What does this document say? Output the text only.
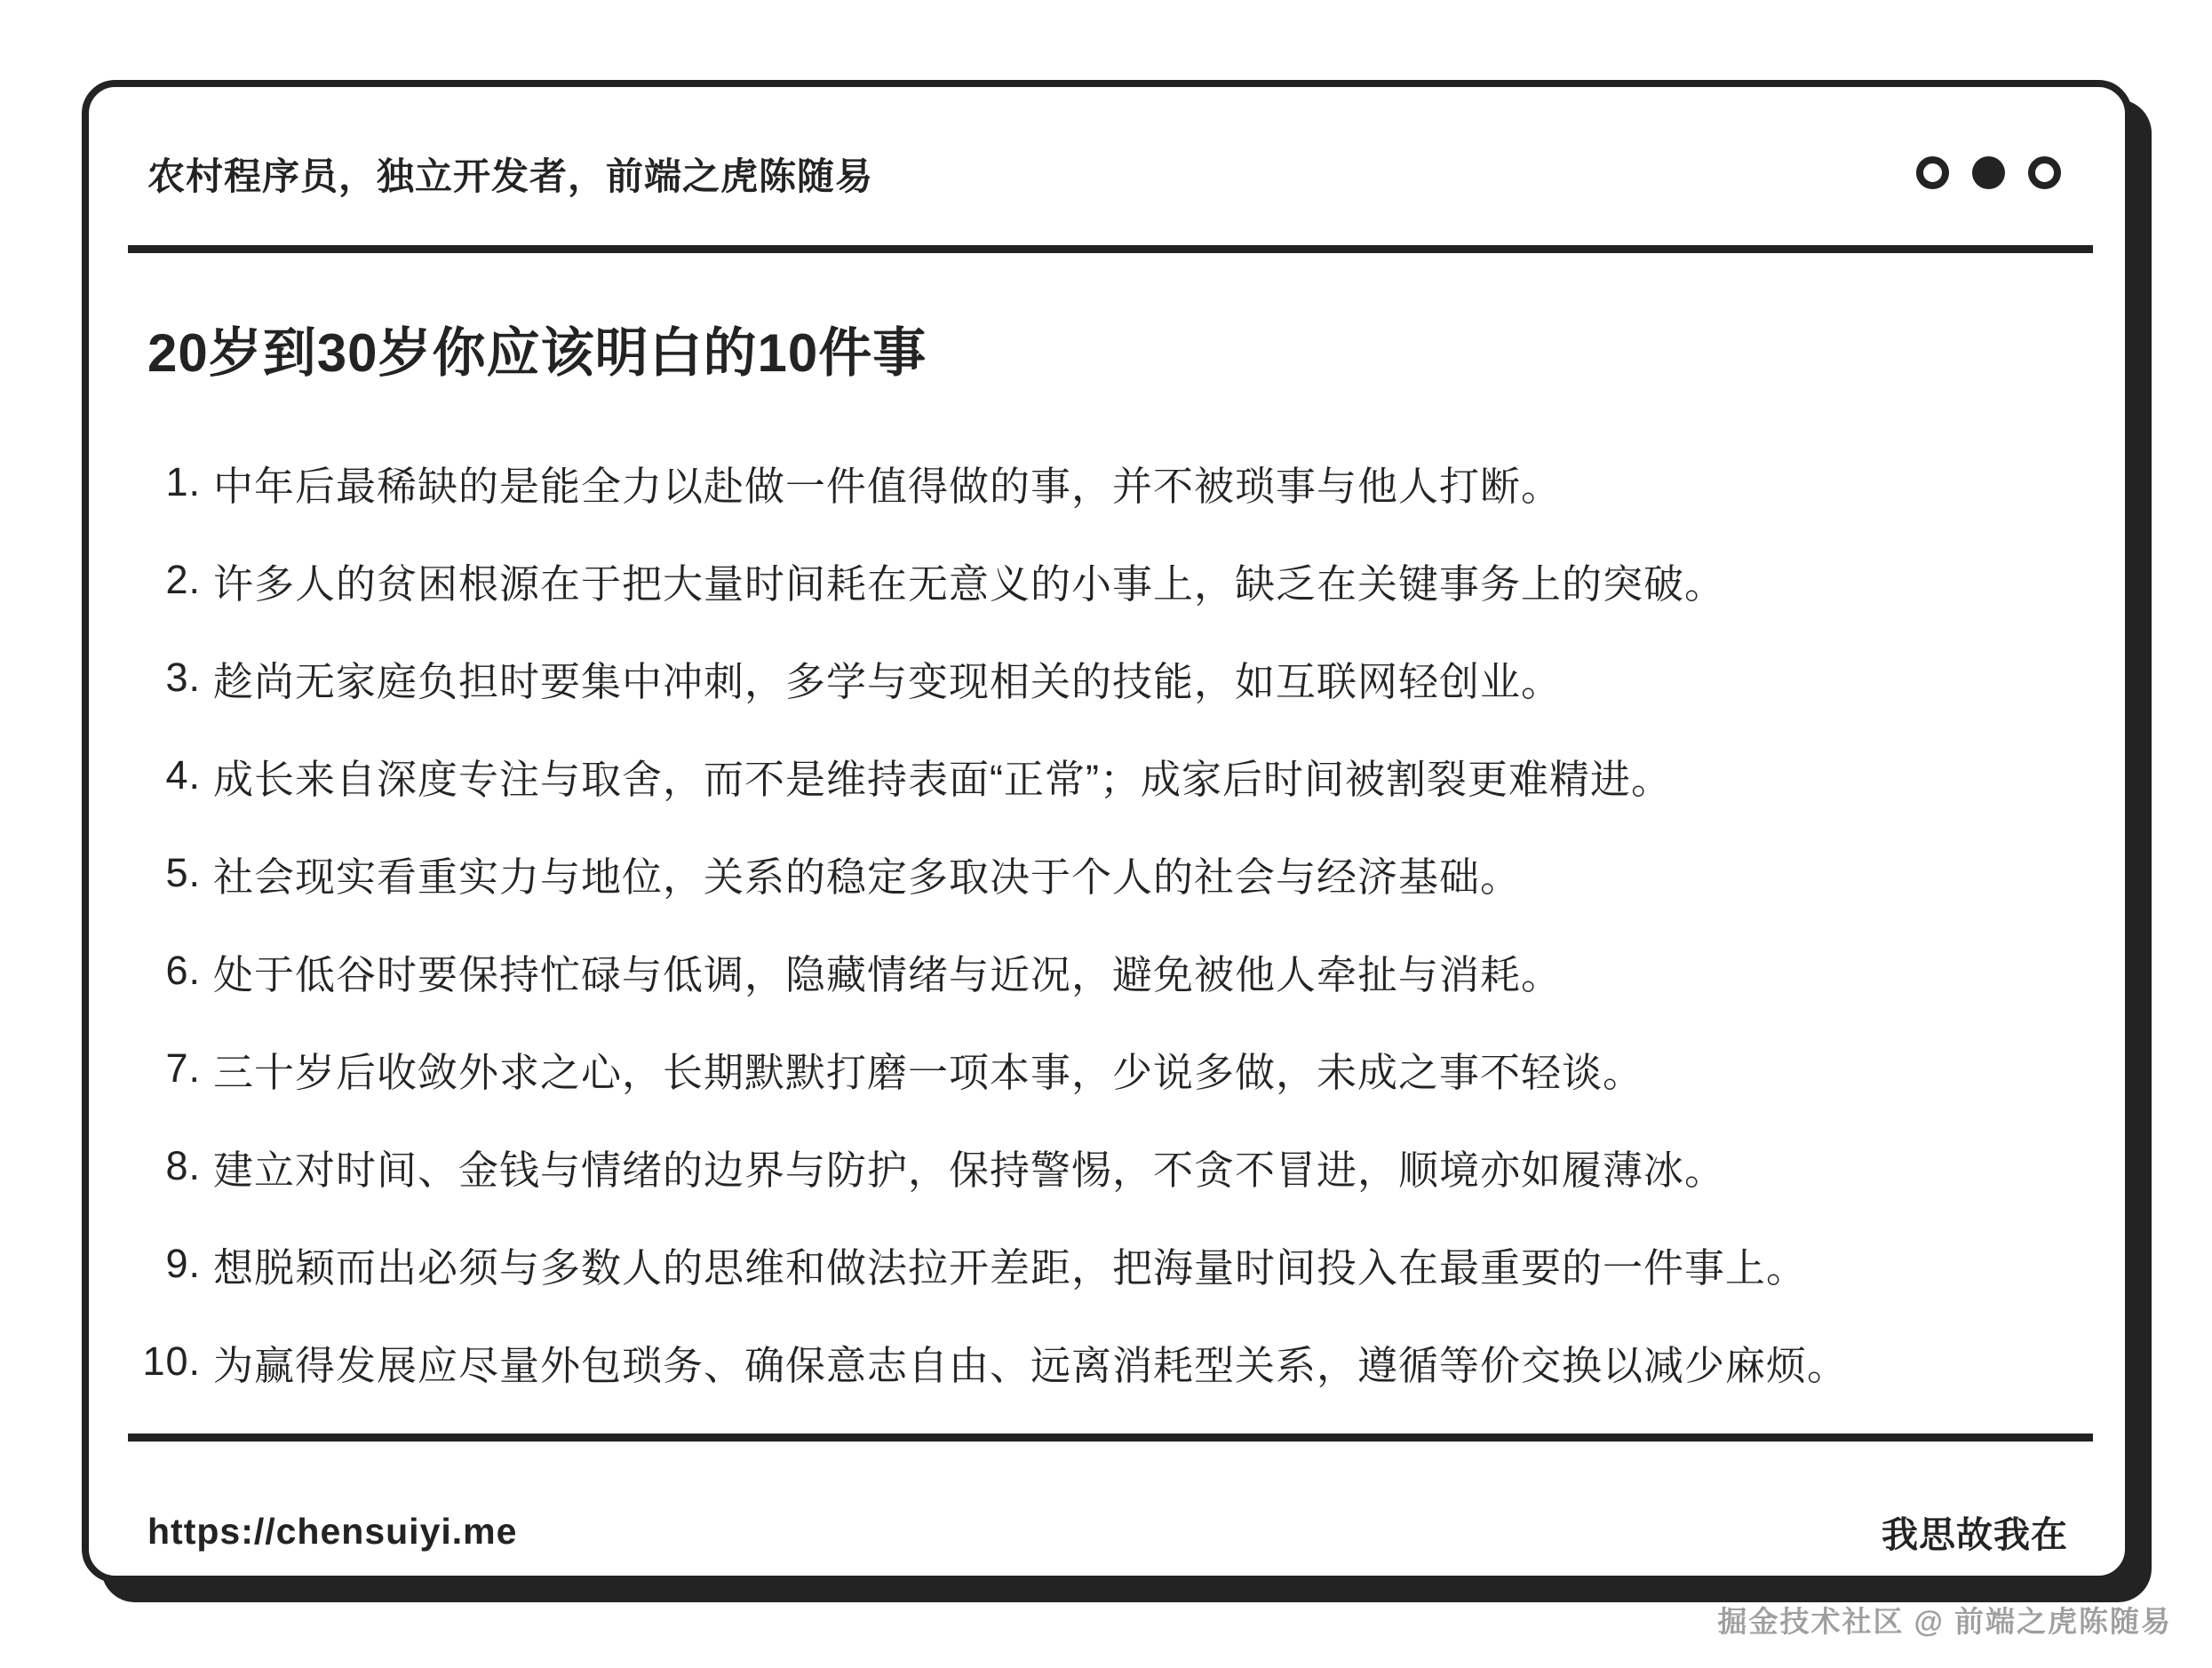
农村程序员，独立开发者，前端之虎陈随易
20岁到30岁你应该明白的10件事
1. 中年后最稀缺的是能全力以赴做一件值得做的事，并不被琐事与他人打断。
2. 许多人的贫困根源在于把大量时间耗在无意义的小事上，缺乏在关键事务上的突破。
3. 趁尚无家庭负担时要集中冲刺，多学与变现相关的技能，如互联网轻创业。
4. 成长来自深度专注与取舍，而不是维持表面“正常”；成家后时间被割裂更难精进。
5. 社会现实看重实力与地位，关系的稳定多取决于个人的社会与经济基础。
6. 处于低谷时要保持忙碌与低调，隐藏情绪与近况，避免被他人牵扯与消耗。
7. 三十岁后收敛外求之心，长期默默打磨一项本事，少说多做，未成之事不轻谈。
8. 建立对时间、金钱与情绪的边界与防护，保持警惕，不贪不冒进，顺境亦如履薄冰。
9. 想脱颖而出必须与多数人的思维和做法拉开差距，把海量时间投入在最重要的一件事上。
10. 为赢得发展应尽量外包琐务、确保意志自由、远离消耗型关系，遵循等价交换以减少麻烦。
https://chensuiyi.me	我思故我在
掘金技术社区 @ 前端之虎陈随易
